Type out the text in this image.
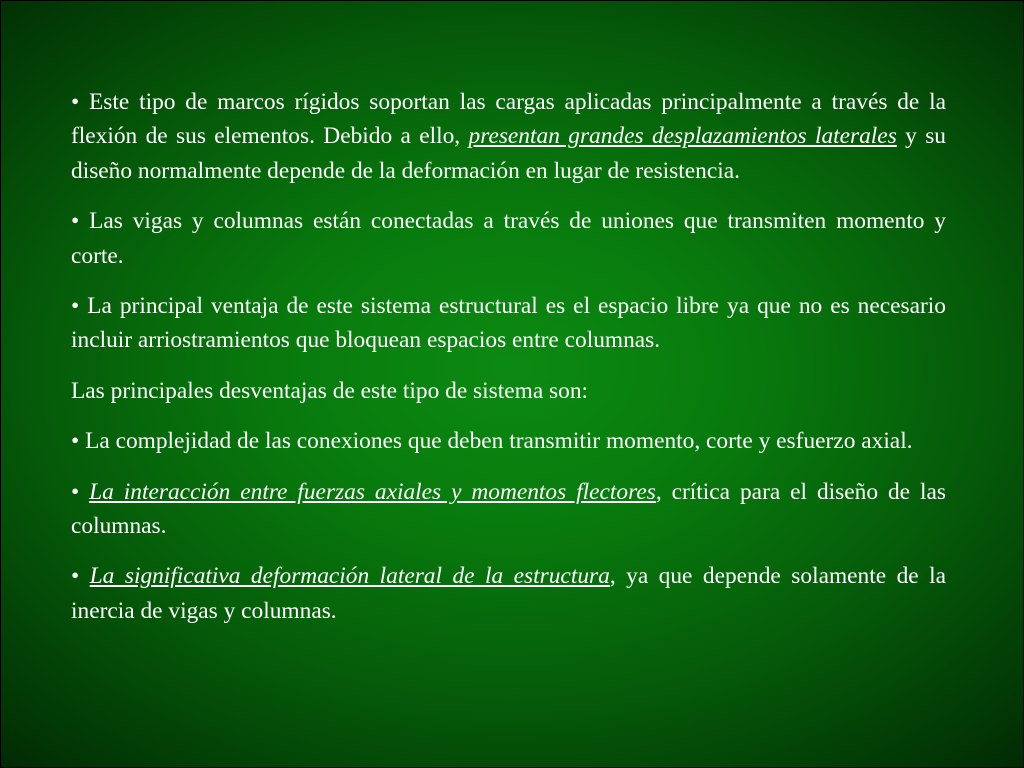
• Este tipo de marcos rígidos soportan las cargas aplicadas principalmente a través de la flexión de sus elementos. Debido a ello, presentan grandes desplazamientos laterales y su diseño normalmente depende de la deformación en lugar de resistencia.

• Las vigas y columnas están conectadas a través de uniones que transmiten momento y corte.

• La principal ventaja de este sistema estructural es el espacio libre ya que no es necesario incluir arriostramientos que bloquean espacios entre columnas.

Las principales desventajas de este tipo de sistema son:

• La complejidad de las conexiones que deben transmitir momento, corte y esfuerzo axial.

• La interacción entre fuerzas axiales y momentos flectores, crítica para el diseño de las columnas.

• La significativa deformación lateral de la estructura, ya que depende solamente de la inercia de vigas y columnas.
